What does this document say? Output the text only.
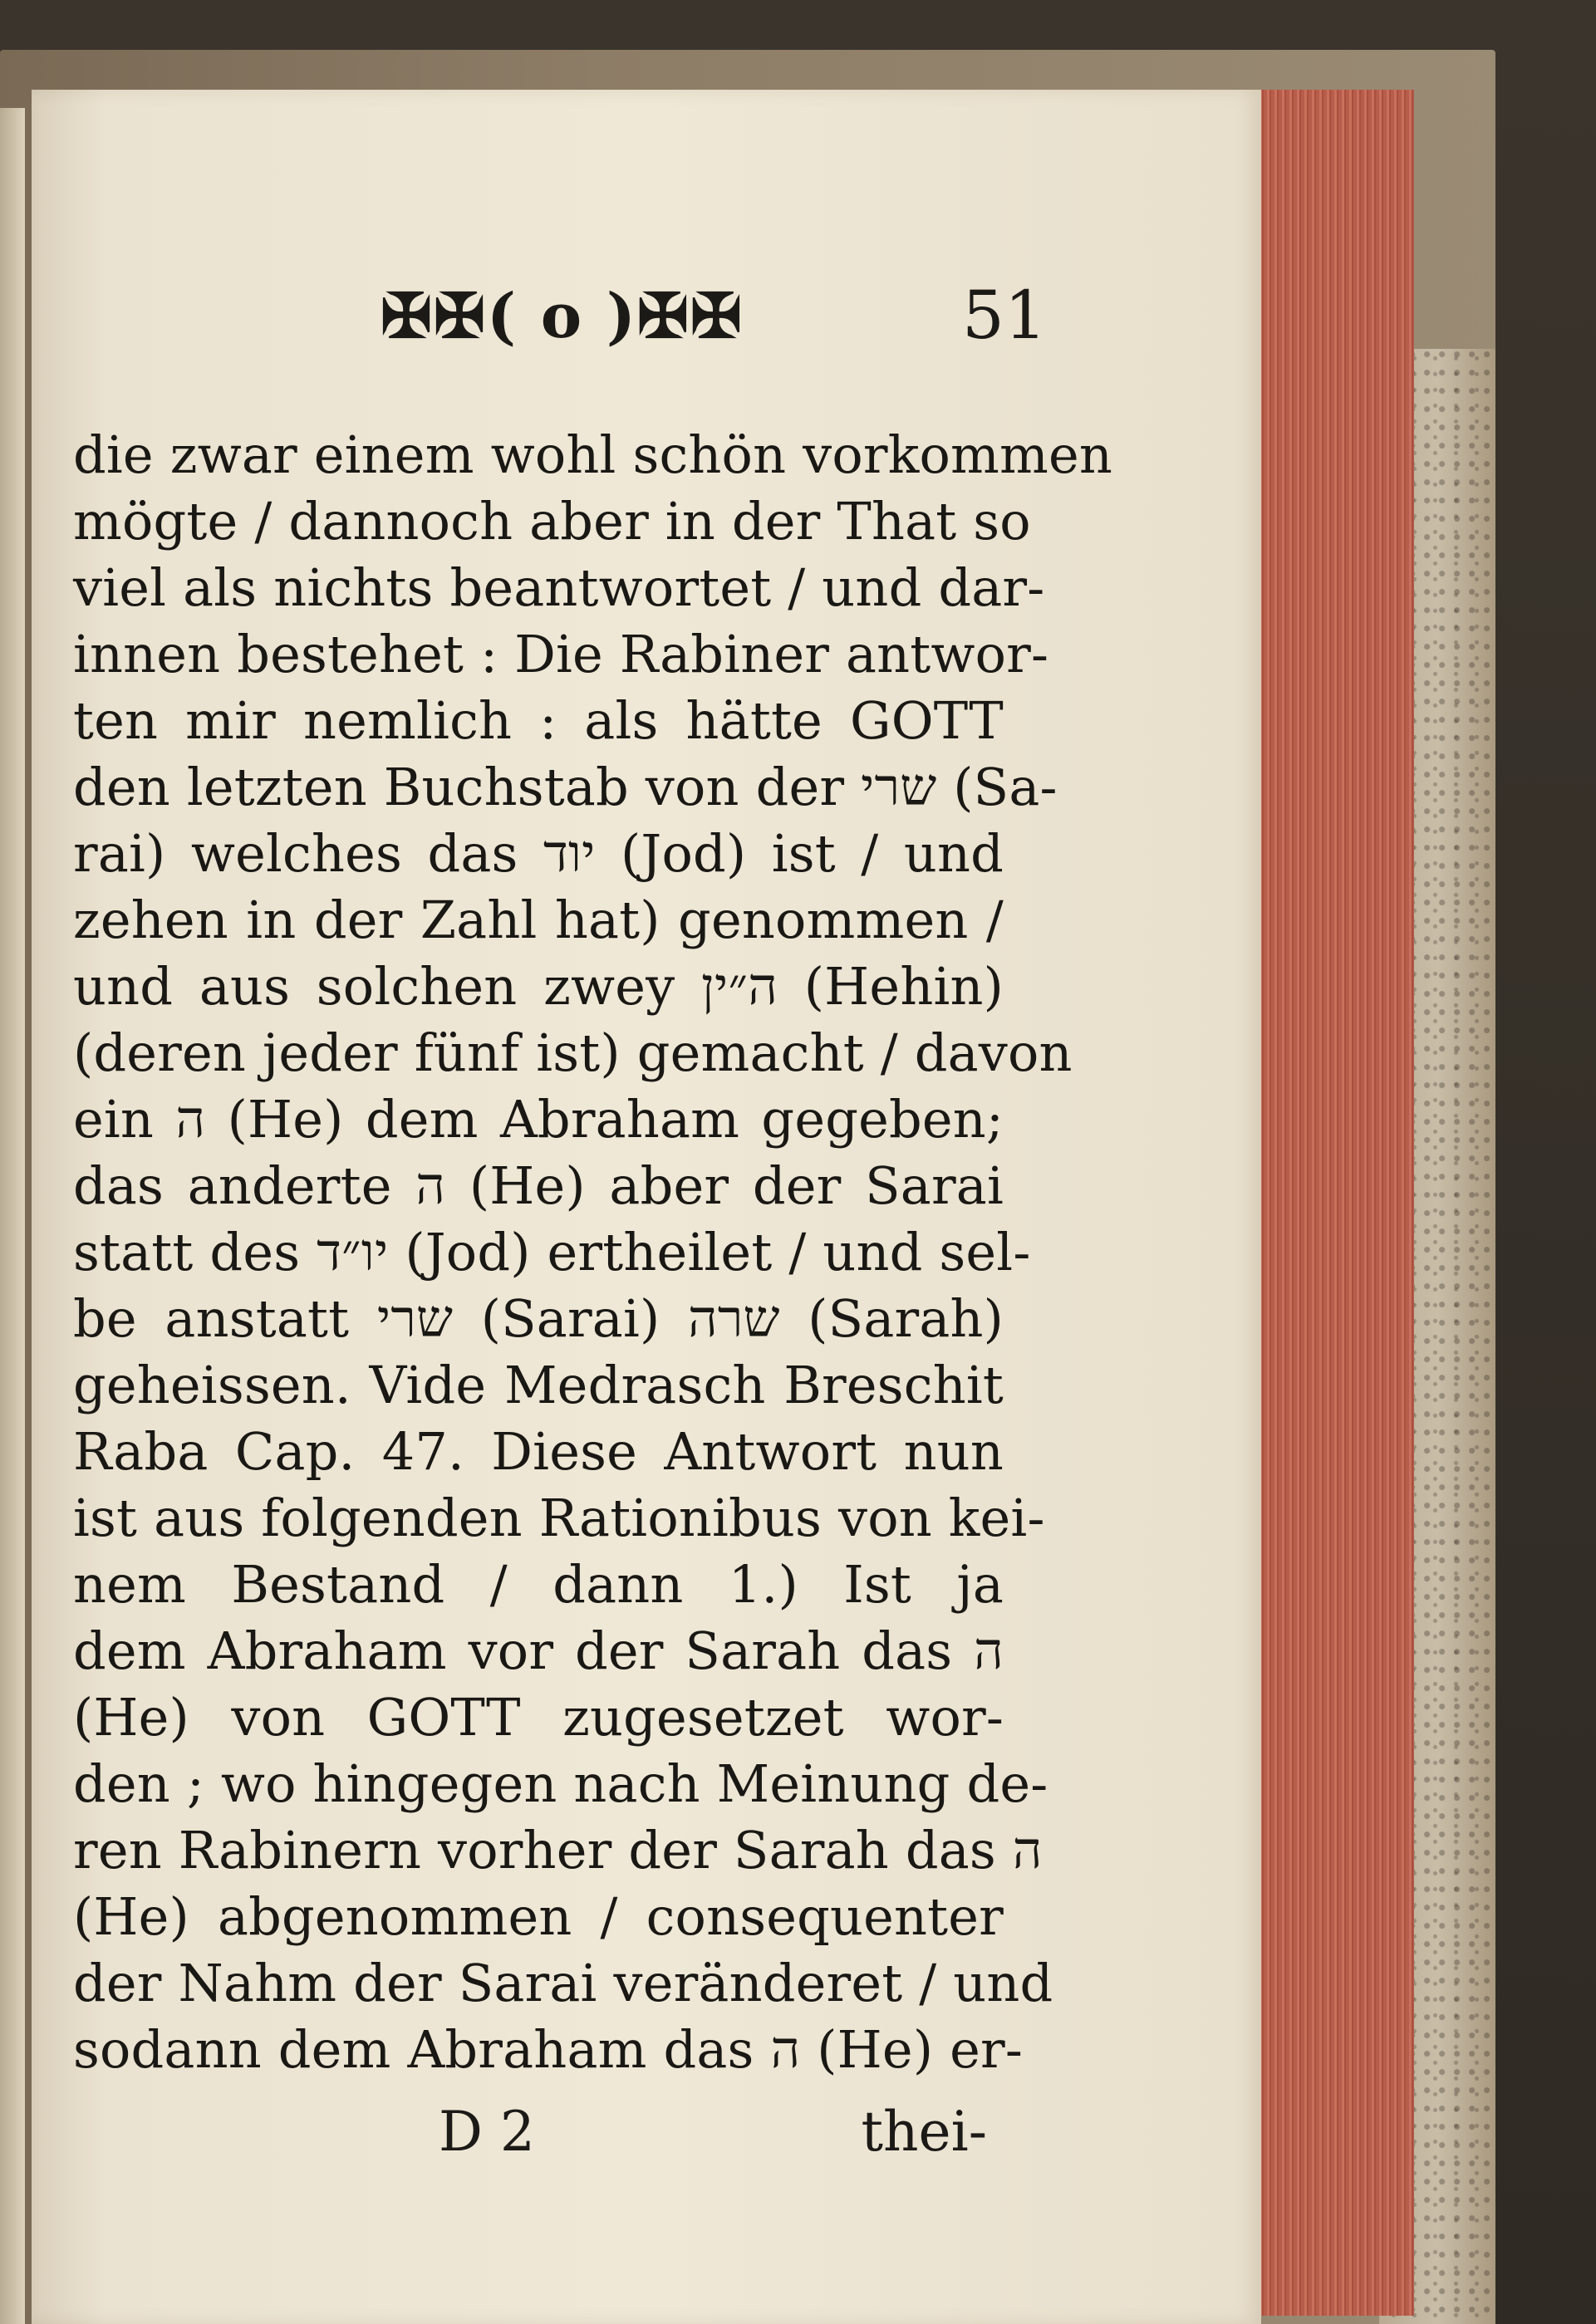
✠✠( o )✠✠	51
die zwar einem wohl schön vorkommen
mögte / dannoch aber in der That so
viel als nichts beantwortet / und dar-
innen bestehet : Die Rabiner antwor-
ten mir nemlich : als hätte GOTT
den letzten Buchstab von der שרי (Sa-
rai) welches das יוד (Jod) ist / und
zehen in der Zahl hat) genommen /
und aus solchen zwey ה״ין (Hehin)
(deren jeder fünf ist) gemacht / davon
ein ה (He) dem Abraham gegeben;
das anderte ה (He) aber der Sarai
statt des יו״ד (Jod) ertheilet / und sel-
be anstatt שרי (Sarai) שרה (Sarah)
geheissen. Vide Medrasch Breschit
Raba Cap. 47. Diese Antwort nun
ist aus folgenden Rationibus von kei-
nem Bestand / dann 1.) Ist ja
dem Abraham vor der Sarah das ה
(He) von GOTT zugesetzet wor-
den ; wo hingegen nach Meinung de-
ren Rabinern vorher der Sarah das ה
(He) abgenommen / consequenter
der Nahm der Sarai veränderet / und
sodann dem Abraham das ה (He) er-
D 2	thei-
